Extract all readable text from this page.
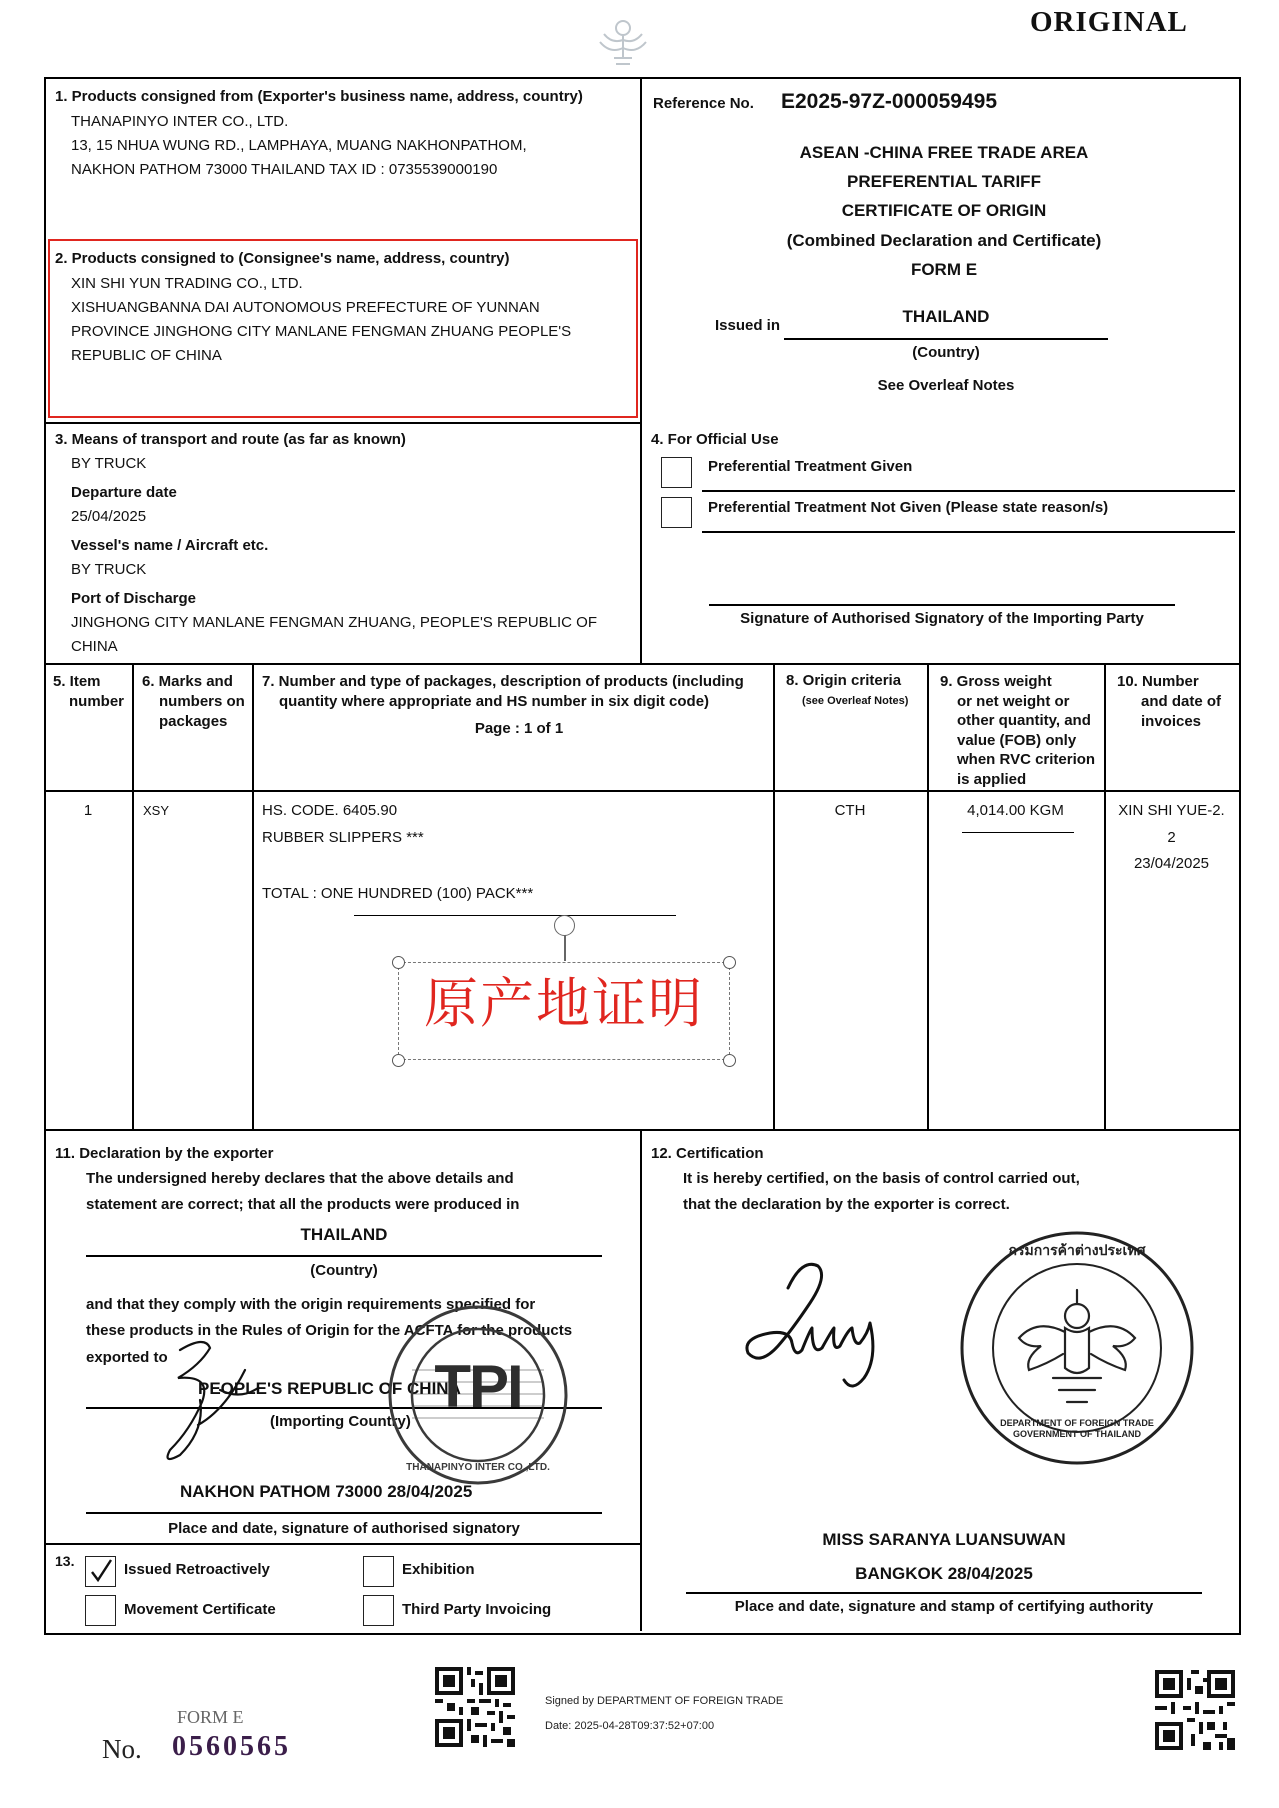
ORIGINAL
1. Products consigned from (Exporter's business name, address, country)
THANAPINYO INTER CO., LTD.
13, 15 NHUA WUNG RD., LAMPHAYA, MUANG NAKHONPATHOM,
NAKHON PATHOM 73000 THAILAND TAX ID : 0735539000190
2. Products consigned to (Consignee's name, address, country)
XIN SHI YUN TRADING CO., LTD.
XISHUANGBANNA DAI AUTONOMOUS PREFECTURE OF YUNNAN
PROVINCE JINGHONG CITY MANLANE FENGMAN ZHUANG PEOPLE'S
REPUBLIC OF CHINA
Reference No. E2025-97Z-000059495
ASEAN -CHINA FREE TRADE AREA
PREFERENTIAL TARIFF
CERTIFICATE OF ORIGIN
(Combined Declaration and Certificate)
FORM E
Issued in	THAILAND
(Country)
See Overleaf Notes
3. Means of transport and route (as far as known)
BY TRUCK
Departure date
25/04/2025
Vessel's name / Aircraft etc.
BY TRUCK
Port of Discharge
JINGHONG CITY MANLANE FENGMAN ZHUANG, PEOPLE'S REPUBLIC OF
CHINA
4. For Official Use
Preferential Treatment Given
Preferential Treatment Not Given (Please state reason/s)
Signature of Authorised Signatory of the Importing Party
5. Item
number
6. Marks and
numbers on
packages
7. Number and type of packages, description of products (including
quantity where appropriate and HS number in six digit code)
Page : 1 of 1
8. Origin criteria
(see Overleaf Notes)
9. Gross weight
or net weight or
other quantity, and
value (FOB) only
when RVC criterion
is applied
10. Number
and date of
invoices
1	XSY	HS. CODE. 6405.90
RUBBER SLIPPERS ***
TOTAL : ONE HUNDRED (100) PACK***
CTH	4,014.00 KGM	XIN SHI YUE-2.
2
23/04/2025
原产地证明
11. Declaration by the exporter
The undersigned hereby declares that the above details and
statement are correct; that all the products were produced in
THAILAND
(Country)
and that they comply with the origin requirements specified for
these products in the Rules of Origin for the ACFTA for the products
exported to
PEOPLE'S REPUBLIC OF CHINA
(Importing Country)
NAKHON PATHOM 73000 28/04/2025
Place and date, signature of authorised signatory
TPI
THANAPINYO INTER CO.,LTD.
12. Certification
It is hereby certified, on the basis of control carried out,
that the declaration by the exporter is correct.
กรมการค้าต่างประเทศ
DEPARTMENT OF FOREIGN TRADE GOVERNMENT OF THAILAND
MISS SARANYA LUANSUWAN
BANGKOK 28/04/2025
Place and date, signature and stamp of certifying authority
13.	Issued Retroactively	Exhibition
Movement Certificate	Third Party Invoicing
FORM E
No. 0560565
Signed by DEPARTMENT OF FOREIGN TRADE
Date: 2025-04-28T09:37:52+07:00
